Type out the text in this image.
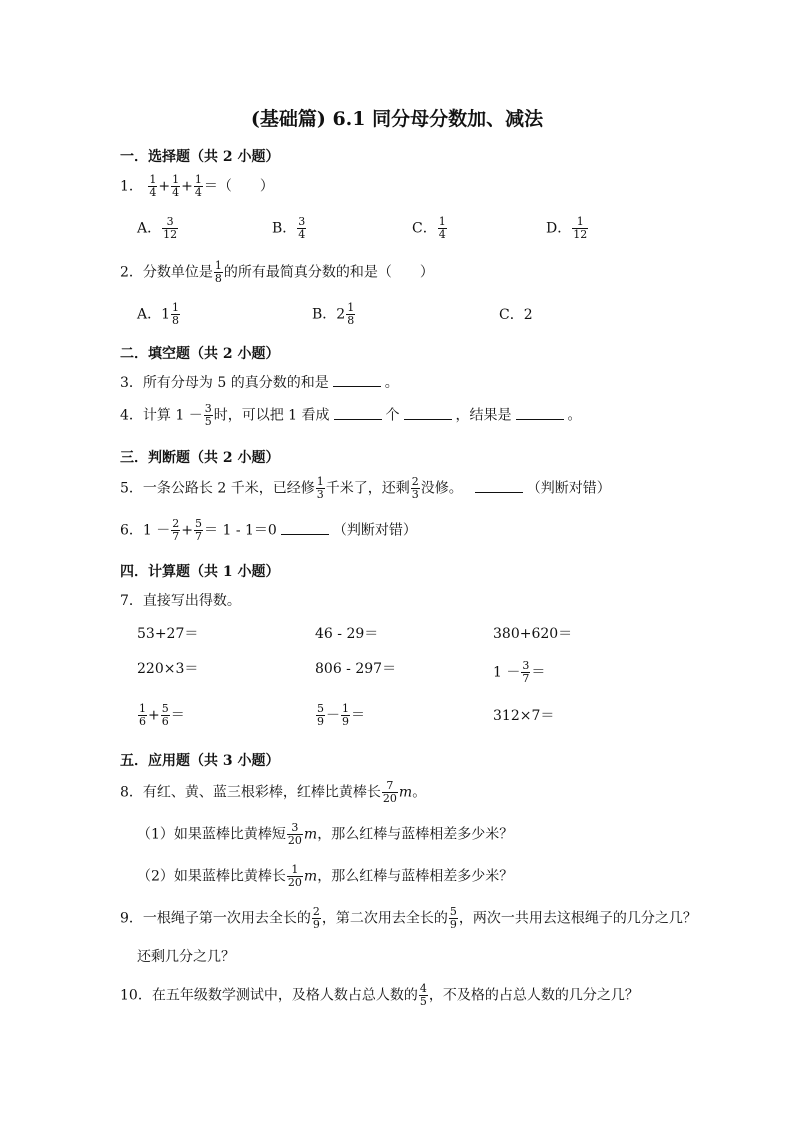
(基础篇) 6.1 同分母分数加、减法
一．选择题（共 2 小题）
1． $\frac{1}{4} + \frac{1}{4} + \frac{1}{4}$ ＝（　　）
A． $\frac{3}{12}$	B． $\frac{3}{4}$	C． $\frac{1}{4}$	D． $\frac{1}{12}$
2．分数单位是 $\frac{1}{8}$ 的所有最简真分数的和是（　　）
A．$1 \frac{1}{8}$	B．$2 \frac{1}{8}$	C．2
二．填空题（共 2 小题）
3．所有分母为 5 的真分数的和是	。
4．计算 $1 - \frac{3}{5}$ 时，可以把 1 看成	个	，结果是	。
三．判断题（共 2 小题）
5．一条公路长 2 千米，已经修 $\frac{1}{3}$ 千米了，还剩 $\frac{2}{3}$ 没修。	（判断对错）
6．$1 - \frac{2}{7} + \frac{5}{7} = 1 - 1=0$	（判断对错）
四．计算题（共 1 小题）
7．直接写出得数。
53+27＝	46 - 29＝	380+620＝
220×3＝	806 - 297＝	$1 - \frac{3}{7}$ ＝
$\frac{1}{6} + \frac{5}{6}$ ＝	$\frac{5}{9} - \frac{1}{9}$ ＝	312×7＝
五．应用题（共 3 小题）
8．有红、黄、蓝三根彩棒，红棒比黄棒长 $\frac{7}{20}$ m。
（1）如果蓝棒比黄棒短 $\frac{3}{20}$ m，那么红棒与蓝棒相差多少米？
（2）如果蓝棒比黄棒长 $\frac{1}{20}$ m，那么红棒与蓝棒相差多少米？
9．一根绳子第一次用去全长的 $\frac{2}{9}$ ，第二次用去全长的 $\frac{5}{9}$ ，两次一共用去这根绳子的几分之几？
还剩几分之几？
10．在五年级数学测试中，及格人数占总人数的 $\frac{4}{5}$ ，不及格的占总人数的几分之几？
